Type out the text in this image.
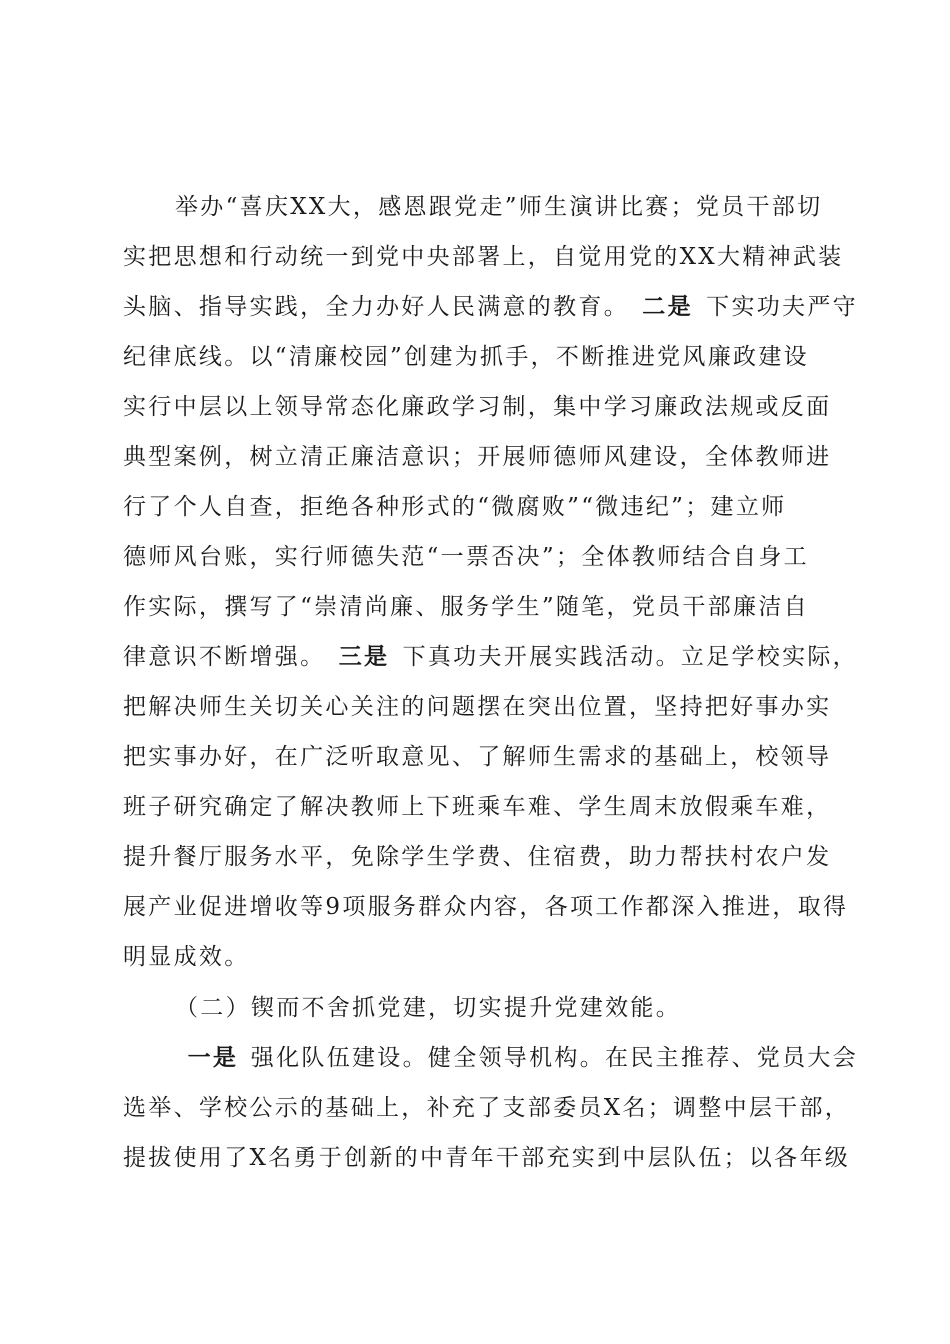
举办“喜庆XX大，感恩跟党走”师生演讲比赛；党员干部切
实把思想和行动统一到党中央部署上，自觉用党的XX大精神武装
头脑、指导实践，全力办好人民满意的教育。 二是 下实功夫严守
纪律底线。以“清廉校园”创建为抓手，不断推进党风廉政建设
实行中层以上领导常态化廉政学习制，集中学习廉政法规或反面
典型案例，树立清正廉洁意识；开展师德师风建设，全体教师进
行了个人自查，拒绝各种形式的“微腐败”“微违纪”；建立师
德师风台账，实行师德失范“一票否决”；全体教师结合自身工
作实际，撰写了“崇清尚廉、服务学生”随笔，党员干部廉洁自
律意识不断增强。 三是 下真功夫开展实践活动。立足学校实际，
把解决师生关切关心关注的问题摆在突出位置，坚持把好事办实
把实事办好，在广泛听取意见、了解师生需求的基础上，校领导
班子研究确定了解决教师上下班乘车难、学生周末放假乘车难，
提升餐厅服务水平，免除学生学费、住宿费，助力帮扶村农户发
展产业促进增收等9项服务群众内容，各项工作都深入推进，取得
明显成效。
（二）锲而不舍抓党建，切实提升党建效能。
一是 强化队伍建设。健全领导机构。在民主推荐、党员大会
选举、学校公示的基础上，补充了支部委员X名；调整中层干部，
提拔使用了X名勇于创新的中青年干部充实到中层队伍；以各年级
